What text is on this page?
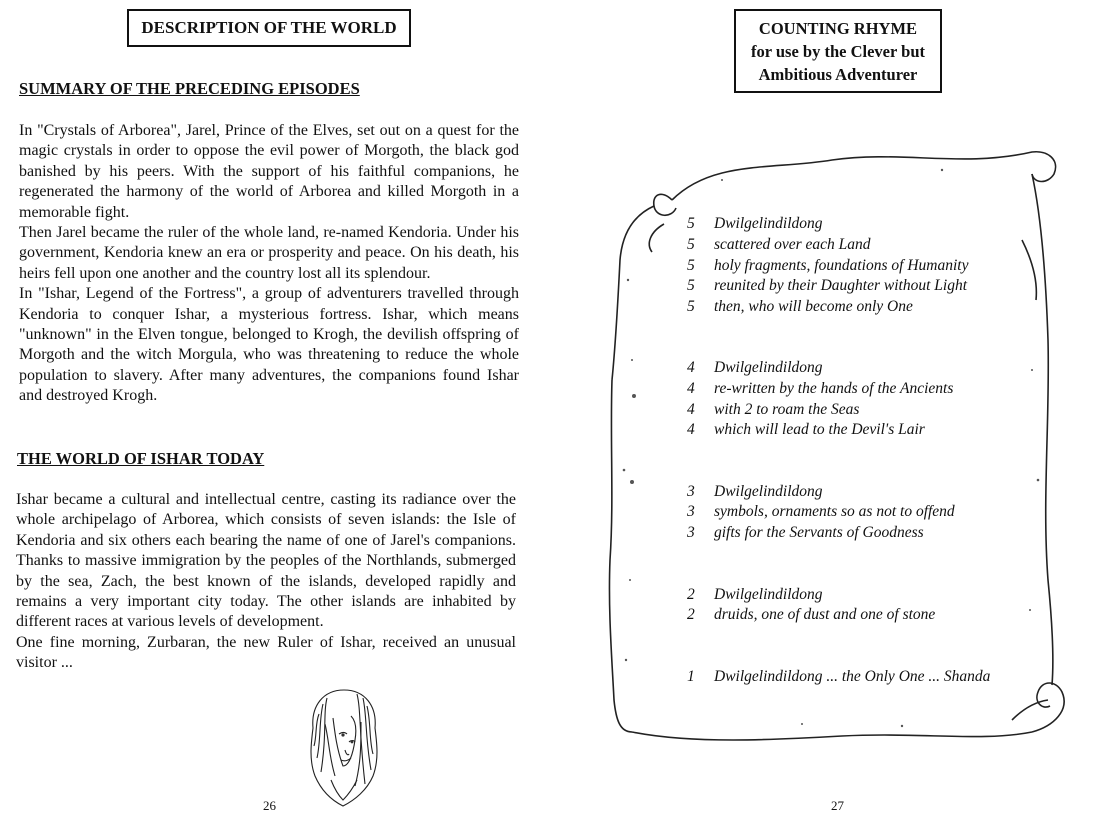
DESCRIPTION OF THE WORLD
SUMMARY OF THE PRECEDING EPISODES

In "Crystals of Arborea", Jarel, Prince of the Elves, set out on a quest for the magic crystals in order to oppose the evil power of Morgoth, the black god banished by his peers. With the support of his faithful companions, he regenerated the harmony of the world of Arborea and killed Morgoth in a memorable fight.

Then Jarel became the ruler of the whole land, re-named Kendoria. Under his government, Kendoria knew an era or prosperity and peace. On his death, his heirs fell upon one another and the country lost all its splendour.

In "Ishar, Legend of the Fortress", a group of adventurers travelled through Kendoria to conquer Ishar, a mysterious fortress. Ishar, which means "unknown" in the Elven tongue, belonged to Krogh, the devilish offspring of Morgoth and the witch Morgula, who was threatening to reduce the whole population to slavery. After many adventures, the companions found Ishar and destroyed Krogh.

THE WORLD OF ISHAR TODAY

Ishar became a cultural and intellectual centre, casting its radiance over the whole archipelago of Arborea, which consists of seven islands: the Isle of Kendoria and six others each bearing the name of one of Jarel's companions. Thanks to massive immigration by the peoples of the Northlands, submerged by the sea, Zach, the best known of the islands, developed rapidly and remains a very important city today. The other islands are inhabited by different races at various levels of development.

One fine morning, Zurbaran, the new Ruler of Ishar, received an unusual visitor ...

26
COUNTING RHYME
for use by the Clever but
Ambitious Adventurer
5 Dwilgelindildong
5 scattered over each Land
5 holy fragments, foundations of Humanity
5 reunited by their Daughter without Light
5 then, who will become only One
4 Dwilgelindildong
4 re-written by the hands of the Ancients
4 with 2 to roam the Seas
4 which will lead to the Devil's Lair
3 Dwilgelindildong
3 symbols, ornaments so as not to offend
3 gifts for the Servants of Goodness
2 Dwilgelindildong
2 druids, one of dust and one of stone
1 Dwilgelindildong ... the Only One ... Shanda
27
